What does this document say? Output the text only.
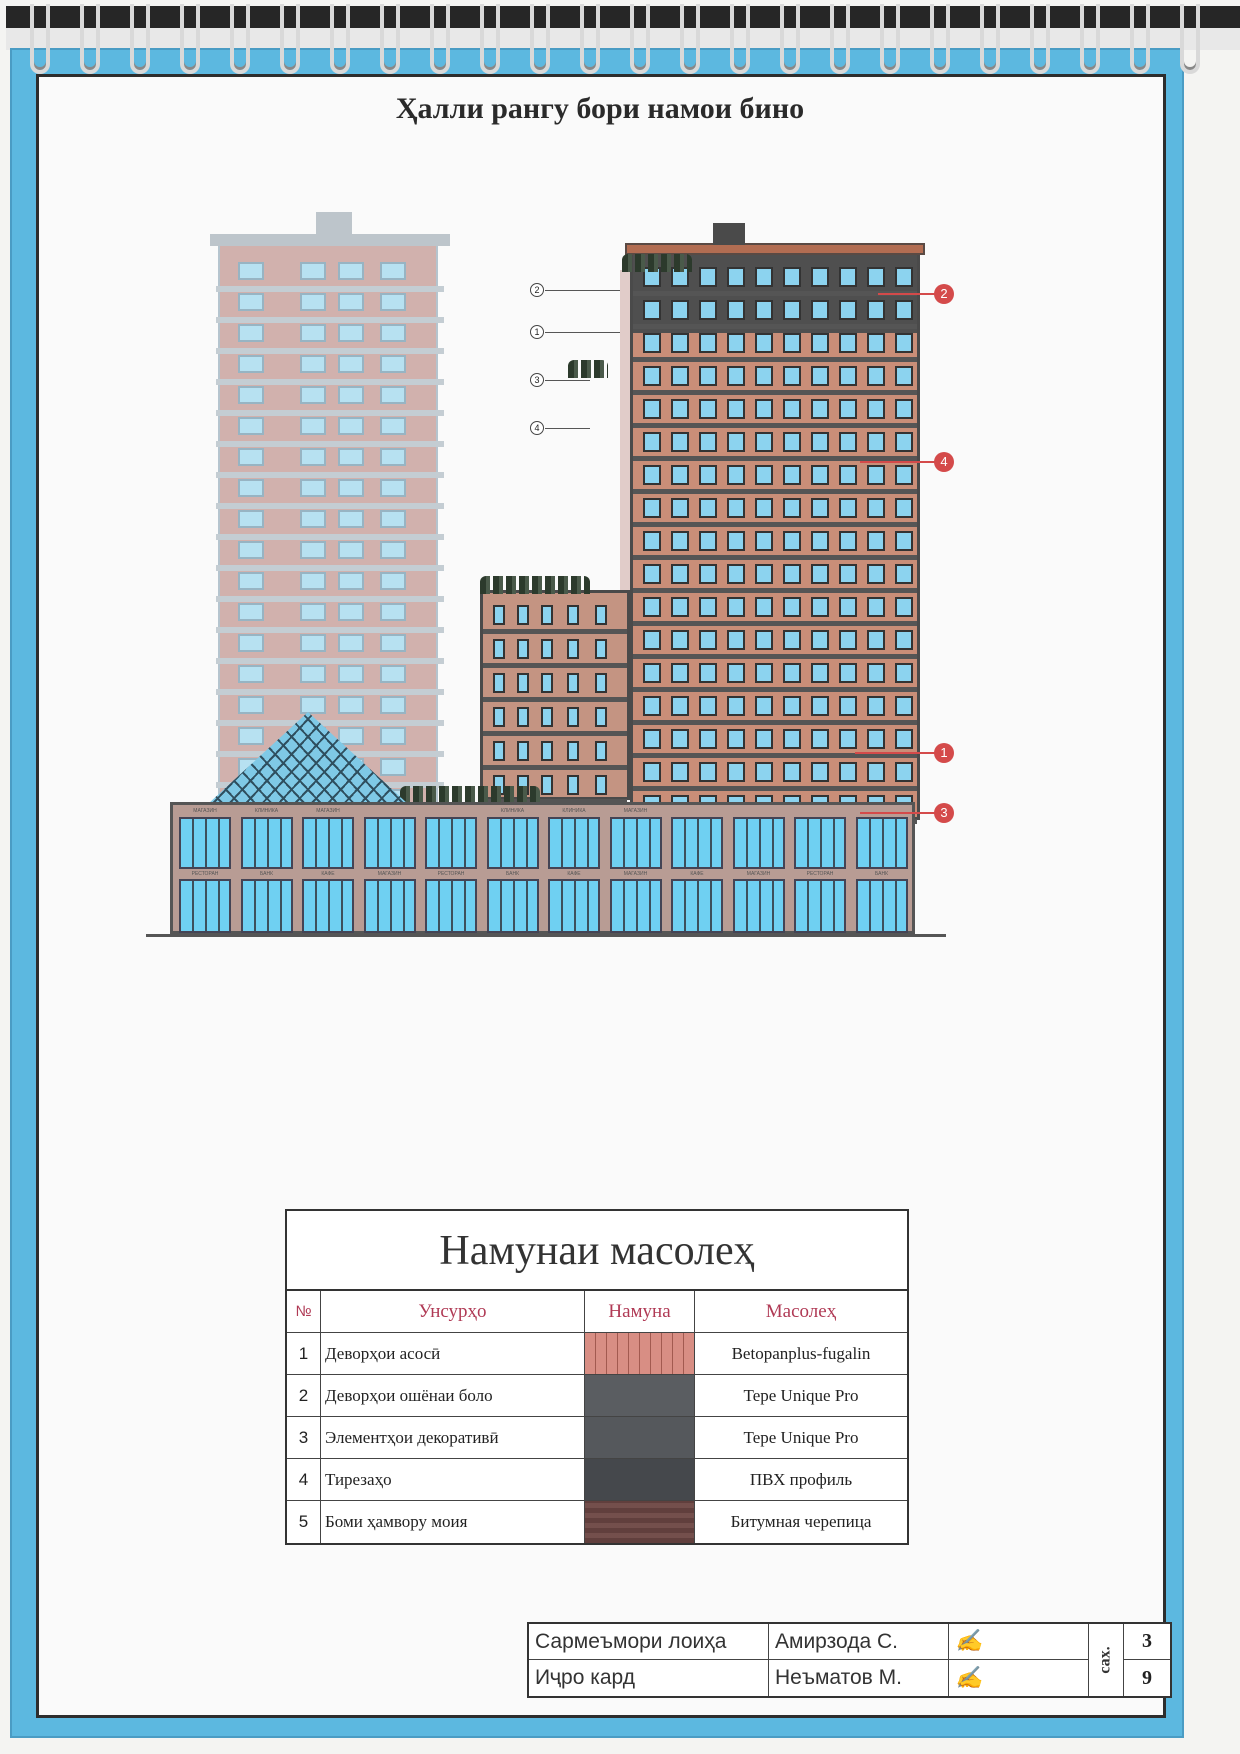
Ҳалли рангу бори намои бино
РЕСТОРАН
МАГАЗИН
БАНК
КЛИНИКА
КАФЕ
МАГАЗИН
МАГАЗИН	РЕСТОРАН	БАНК
КЛИНИКА
КАФЕ
КЛИНИКА
МАГАЗИН
МАГАЗИН
КАФЕ	МАГАЗИН	РЕСТОРАН	БАНК
2
1
3
4
2
4
1
3
Намунаи масолеҳ
№	Унсурҳо	Намуна	Масолеҳ
1 Деворҳои асосӣ	Betopanplus-fugalin
2 Деворҳои ошёнаи боло	Tepe Unique Pro
3 Элементҳои декоративӣ	Tepe Unique Pro
4 Тирезаҳо	ПВХ профиль
5 Боми ҳамвору моия	Битумная черепица
Сармеъмори лоиҳа	Амирзода С.	✍
Иҷро кард	Неъматов М.	✍
сах.
3
9
